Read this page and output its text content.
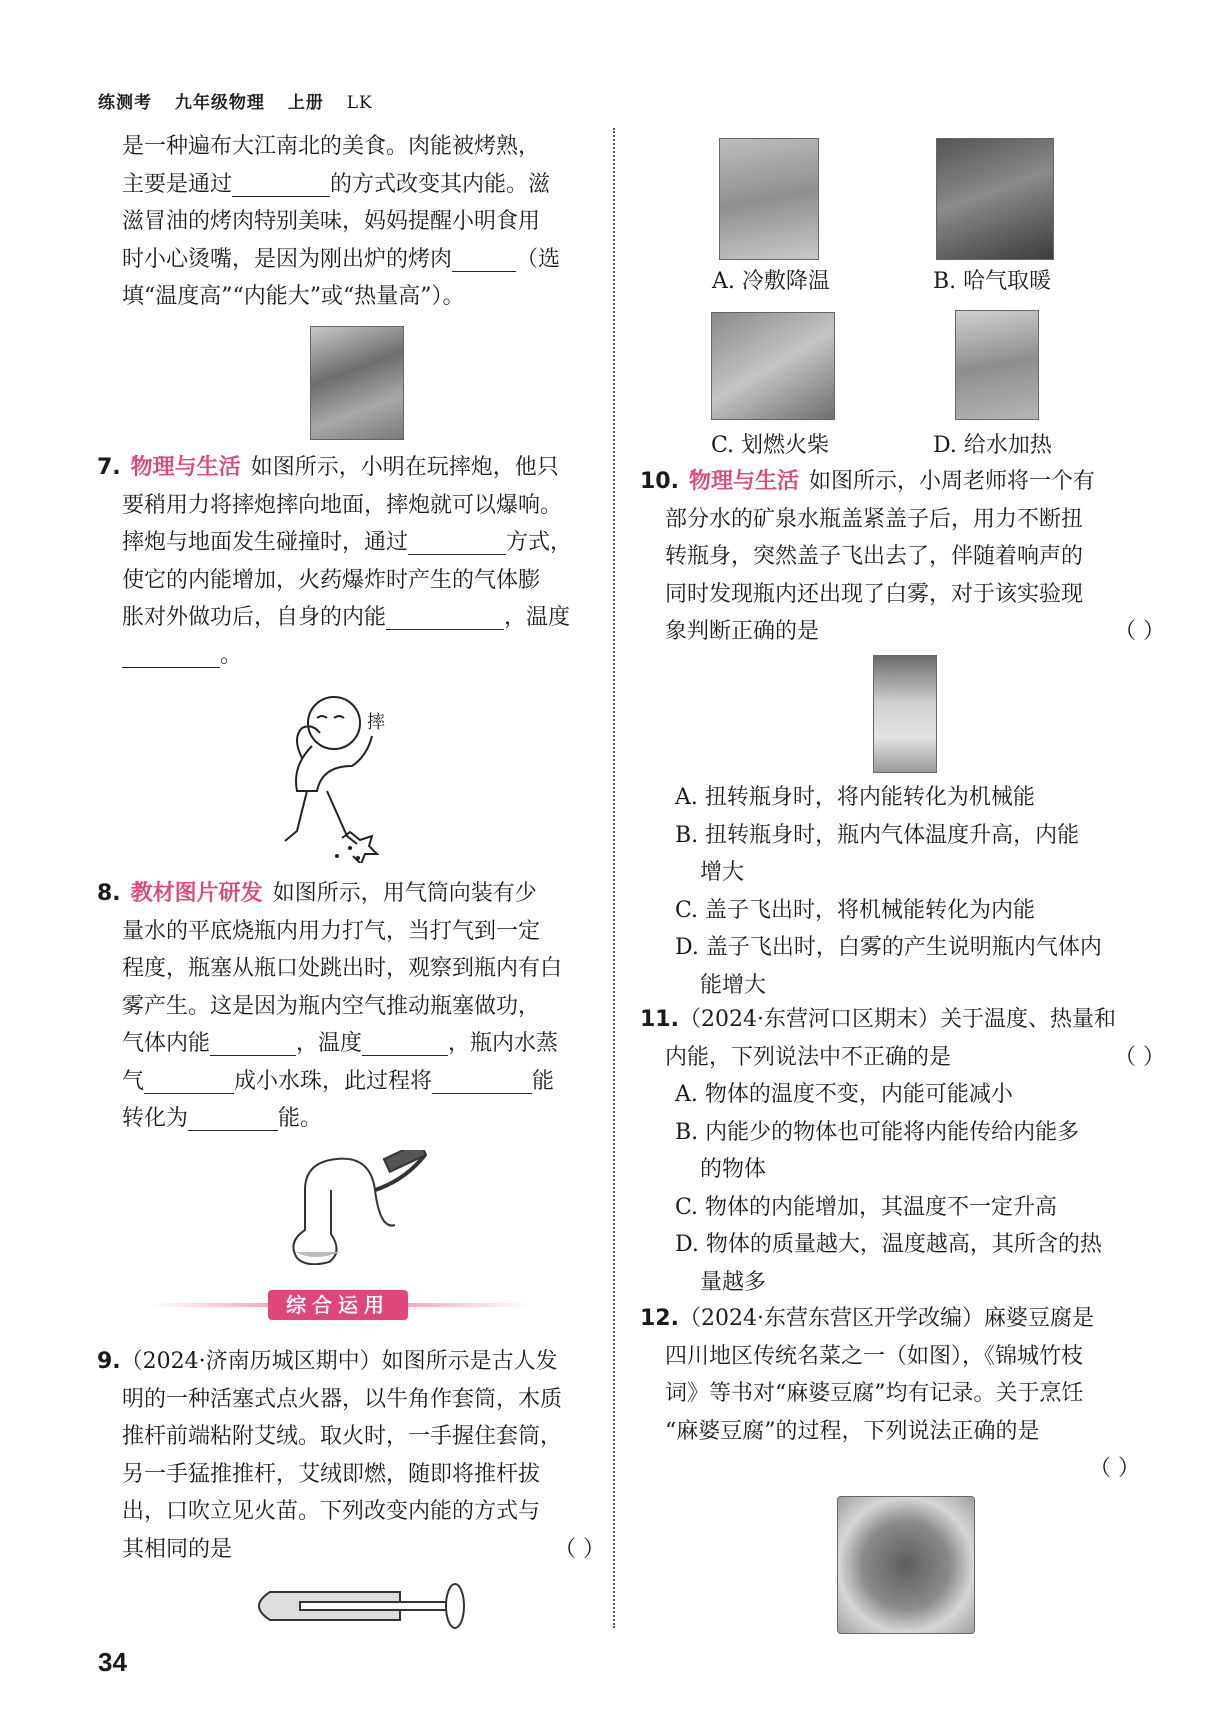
练测考 九年级物理 上册 LK

是一种遍布大江南北的美食。肉能被烤熟，

主要是通过	的方式改变其内能。滋

滋冒油的烤肉特别美味，妈妈提醒小明食用

时小心烫嘴，是因为刚出炉的烤肉	（选

填“温度高”“内能大”或“热量高”）。

7. 物理与生活 如图所示，小明在玩摔炮，他只

要稍用力将摔炮摔向地面，摔炮就可以爆响。

摔炮与地面发生碰撞时，通过	方式，

使它的内能增加，火药爆炸时产生的气体膨

胀对外做功后，自身的内能	，温度

。

摔

8. 教材图片研发 如图所示，用气筒向装有少

量水的平底烧瓶内用力打气，当打气到一定

程度，瓶塞从瓶口处跳出时，观察到瓶内有白

雾产生。这是因为瓶内空气推动瓶塞做功，

气体内能	，温度	，瓶内水蒸

气	成小水珠，此过程将	能

转化为	能。

综合运用

9.（2024·济南历城区期中）如图所示是古人发

明的一种活塞式点火器，以牛角作套筒，木质

推杆前端粘附艾绒。取火时，一手握住套筒，

另一手猛推推杆，艾绒即燃，随即将推杆拔

出，口吹立见火苗。下列改变内能的方式与

其相同的是	（ ）

A. 冷敷降温	B. 哈气取暖
C. 划燃火柴	D. 给水加热

10. 物理与生活 如图所示，小周老师将一个有

部分水的矿泉水瓶盖紧盖子后，用力不断扭

转瓶身，突然盖子飞出去了，伴随着响声的

同时发现瓶内还出现了白雾，对于该实验现

象判断正确的是	（ ）

A. 扭转瓶身时，将内能转化为机械能

B. 扭转瓶身时，瓶内气体温度升高，内能

增大

C. 盖子飞出时，将机械能转化为内能

D. 盖子飞出时，白雾的产生说明瓶内气体内

能增大

11.（2024·东营河口区期末）关于温度、热量和

内能，下列说法中不正确的是	（ ）

A. 物体的温度不变，内能可能减小

B. 内能少的物体也可能将内能传给内能多

的物体

C. 物体的内能增加，其温度不一定升高

D. 物体的质量越大，温度越高，其所含的热

量越多

12.（2024·东营东营区开学改编）麻婆豆腐是

四川地区传统名菜之一（如图），《锦城竹枝

词》等书对“麻婆豆腐”均有记录。关于烹饪

“麻婆豆腐”的过程，下列说法正确的是

（ ）

34
